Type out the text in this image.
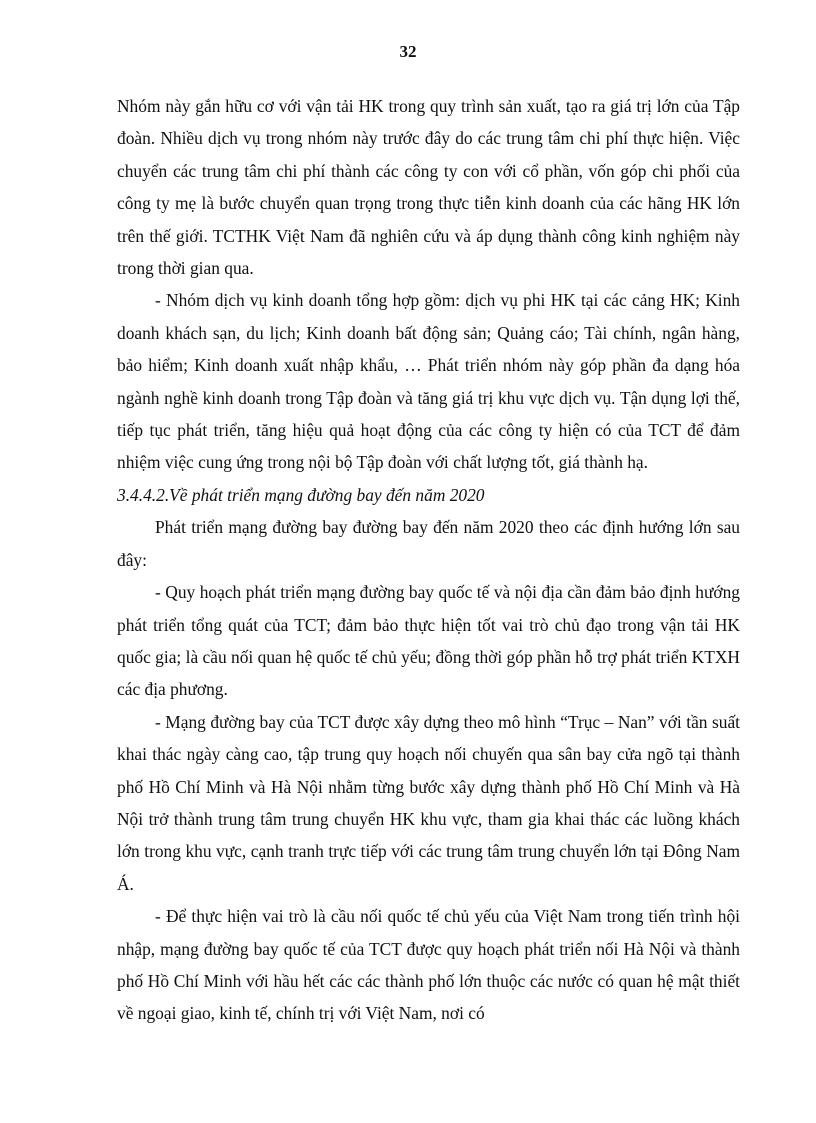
32

Nhóm này gắn hữu cơ với vận tải HK trong quy trình sản xuất, tạo ra giá trị lớn của Tập đoàn. Nhiều dịch vụ trong nhóm này trước đây do các trung tâm chi phí thực hiện. Việc chuyển các trung tâm chi phí thành các công ty con với cổ phần, vốn góp chi phối của công ty mẹ là bước chuyển quan trọng trong thực tiễn kinh doanh của các hãng HK lớn trên thế giới. TCTHK Việt Nam đã nghiên cứu và áp dụng thành công kinh nghiệm này trong thời gian qua.

- Nhóm dịch vụ kinh doanh tổng hợp gồm: dịch vụ phi HK tại các cảng HK; Kinh doanh khách sạn, du lịch; Kinh doanh bất động sản; Quảng cáo; Tài chính, ngân hàng, bảo hiểm; Kinh doanh xuất nhập khẩu, … Phát triển nhóm này góp phần đa dạng hóa ngành nghề kinh doanh trong Tập đoàn và tăng giá trị khu vực dịch vụ. Tận dụng lợi thế, tiếp tục phát triển, tăng hiệu quả hoạt động của các công ty hiện có của TCT để đảm nhiệm việc cung ứng trong nội bộ Tập đoàn với chất lượng tốt, giá thành hạ.

3.4.4.2.Về phát triển mạng đường bay đến năm 2020

Phát triển mạng đường bay đường bay đến năm 2020 theo các định hướng lớn sau đây:

- Quy hoạch phát triển mạng đường bay quốc tế và nội địa cần đảm bảo định hướng phát triển tổng quát của TCT; đảm bảo thực hiện tốt vai trò chủ đạo trong vận tải HK quốc gia; là cầu nối quan hệ quốc tế chủ yếu; đồng thời góp phần hỗ trợ phát triển KTXH các địa phương.

- Mạng đường bay của TCT được xây dựng theo mô hình “Trục – Nan” với tần suất khai thác ngày càng cao, tập trung quy hoạch nối chuyến qua sân bay cửa ngõ tại thành phố Hồ Chí Minh và Hà Nội nhằm từng bước xây dựng thành phố Hồ Chí Minh và Hà Nội trở thành trung tâm trung chuyển HK khu vực, tham gia khai thác các luồng khách lớn trong khu vực, cạnh tranh trực tiếp với các trung tâm trung chuyển lớn tại Đông Nam Á.

- Để thực hiện vai trò là cầu nối quốc tế chủ yếu của Việt Nam trong tiến trình hội nhập, mạng đường bay quốc tế của TCT được quy hoạch phát triển nối Hà Nội và thành phố Hồ Chí Minh với hầu hết các các thành phố lớn thuộc các nước có quan hệ mật thiết về ngoại giao, kinh tế, chính trị với Việt Nam, nơi có
